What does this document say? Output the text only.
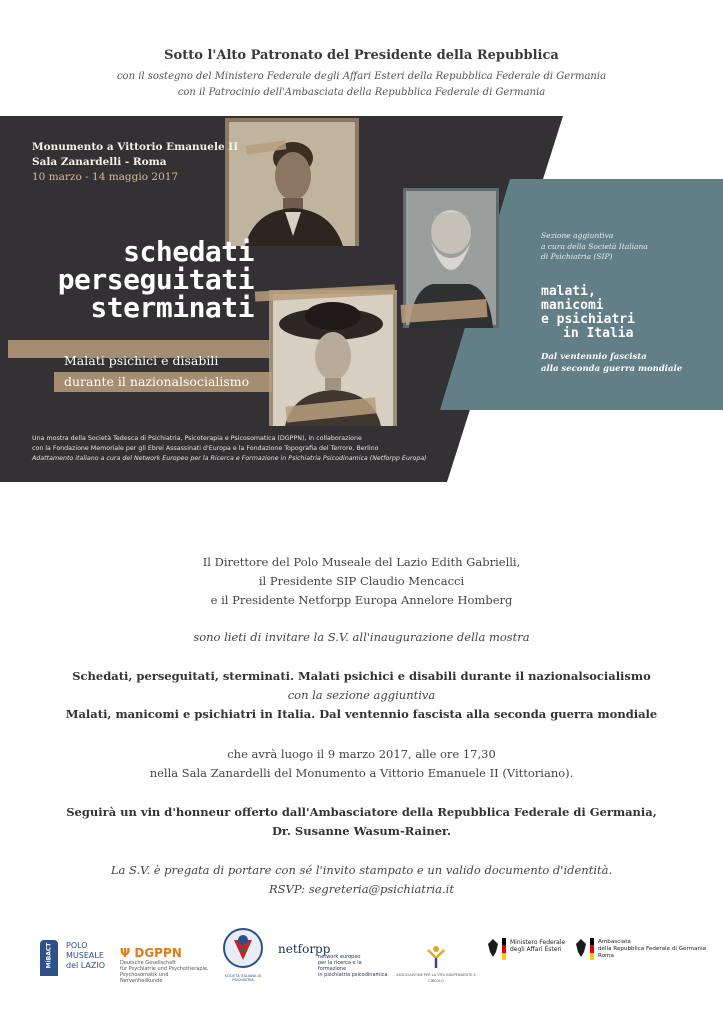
Sotto l'Alto Patronato del Presidente della Repubblica
con il sostegno del Ministero Federale degli Affari Esteri della Repubblica Federale di Germania
con il Patrocinio dell'Ambasciata della Repubblica Federale di Germania
Monumento a Vittorio Emanuele II
Sala Zanardelli - Roma
10 marzo - 14 maggio 2017
schedati
perseguitati
sterminati
Malati psichici e disabili
durante il nazionalsocialismo
Una mostra della Società Tedesca di Psichiatria, Psicoterapia e Psicosomatica (DGPPN), in collaborazione
con la Fondazione Memoriale per gli Ebrei Assassinati d'Europa e la Fondazione Topografia del Terrore, Berlino
Adattamento italiano a cura del Network Europeo per la Ricerca e Formazione in Psichiatria Psicodinamica (Netforpp Europa)
Sezione aggiuntiva
a cura della Società Italiana
di Psichiatria (SIP)
malati,
manicomi
e psichiatri
in Italia
Dal ventennio fascista
alla seconda guerra mondiale
Il Direttore del Polo Museale del Lazio Edith Gabrielli,
il Presidente SIP Claudio Mencacci
e il Presidente Netforpp Europa Annelore Homberg
sono lieti di invitare la S.V. all'inaugurazione della mostra
Schedati, perseguitati, sterminati. Malati psichici e disabili durante il nazionalsocialismo
con la sezione aggiuntiva
Malati, manicomi e psichiatri in Italia. Dal ventennio fascista alla seconda guerra mondiale
che avrà luogo il 9 marzo 2017, alle ore 17,30
nella Sala Zanardelli del Monumento a Vittorio Emanuele II (Vittoriano).
Seguirà un vin d'honneur offerto dall'Ambasciatore della Repubblica Federale di Germania,
Dr. Susanne Wasum-Rainer.
La S.V. è pregata di portare con sé l'invito stampato e un valido documento d'identità.
RSVP: segreteria@psichiatria.it
MiBACT POLO
MUSEALE
del LAZIO
Ψ DGPPN
Deutsche Gesellschaft
für Psychiatrie und Psychotherapie,
Psychosomatik und Nervenheilkunde
SOCIETÀ ITALIANA DI PSICHIATRIA
netforpp
network europeo
per la ricerca e la formazione
in psichiatria psicodinamica	ASSOCIAZIONE PER LA VITA INDIPENDENTE E CIRCOLO
Ministero Federale
degli Affari Esteri
Ambasciata
della Repubblica Federale di Germania
Roma
